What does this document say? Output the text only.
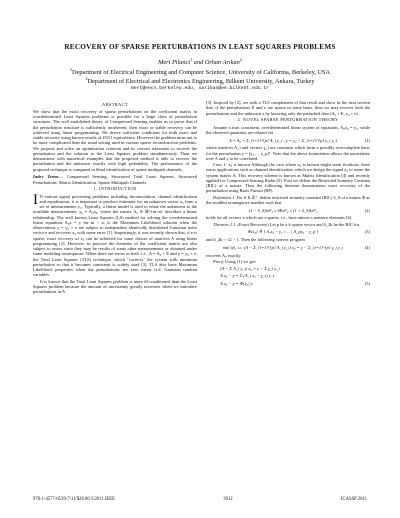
RECOVERY OF SPARSE PERTURBATIONS IN LEAST SQUARES PROBLEMS
Mert Pilanci$^1$ and Orhan Arıkan$^2$
$^1$Department of Electrical Engineering and Computer Science, University of California, Berkeley, USA
$^2$Department of Electrical and Electronics Engineering, Bilkent University, Ankara, Turkey
mert@eecs.berkeley.edu, oarikan@ee.bilkent.edu.tr
ABSTRACT

We show that the exact recovery of sparse perturbations on the coefficient matrix in overdetermined Least Squares problems is possible for a large class of perturbation structures. The well established theory of Compressed Sensing enables us to prove that if the perturbation structure is sufficiently incoherent, then exact or stable recovery can be achieved using linear programming. We derive sufficient conditions for both exact and stable recovery using known results of ℓ0/ℓ1 equivalence. However the problem turns out to be more complicated than the usual setting used in various sparse reconstruction problems. We propose and solve an optimization criterion and its convex relaxation to recover the perturbation and the solution to the Least Squares problem simultaneously. Then we demonstrate with numerical examples that the proposed method is able to recover the perturbation and the unknown exactly with high probability. The performance of the proposed technique is compared in blind identification of sparse multipath channels.

Index Terms— Compressed Sensing, Structured Total Least Squares, Structured Perturbations, Matrix Identification, Sparse Multipath Channels

1. INTRODUCTION

I N various signal processing problems including deconvolution, channel identification and equalization, it is important to produce estimates for an unknown vector x₀ from a set of measurements y₀. Typically, a linear model is used to relate the unknowns to the available measurements: y₀ = A₀x₀, where the matrix A₀ ∈ ℝ^{m×n} describes a linear relationship. The well known Least Squares (LS) method for solving the overdetermined linear equations A₀x = y for m > n, is the Maximum Likelihood solution when the observations y = y₀ + e are subject to independent identically distributed Gaussian noise vector e and recovers x₀ with some error [1]. Surprisingly, it was recently shown that, if e is sparse, exact recovery of x₀ can be achieved for some classes of matrices A using linear programming [2]. However, in practice the elements of the coefficient matrix are also subject to errors since they may be results of some other measurements or obtained under some modeling assumptions. When there are errors in both, i.e., A = A₀ + E and y = y₀ + e, the Total Least Squares (TLS) technique, which "corrects" the system with minimum perturbation so that it becomes consistent is widely used [3]. TLS also have Maximum Likelihood properties when the perturbations are zero mean i.i.d. Gaussian random variables.

It is known that the Total Least Squares problem is more ill-conditioned than the Least Squares problem because the amount of uncertainty greatly increases when we introduce perturbations in A

[3]. Inspired by [2], we seek a TLS complement of that result and show in the next section that, if the perturbations E and e are sparse in some basis, then we may recover both the perturbations and the unknown x by knowing only the perturbed data (A₀ + E, y₀ + e).

2. NOVEL SPARSE PERTURBATION THEORY

Assume a true, consistent, overdetermined linear system of equations, A₀x₀ = y₀, while the observed quantities are related via

A = A₀ + Σ_{i=1}^{p} A_i y_i , y = y₀ + Σ_{i=1}^{p} γ_i y_i	(1)

where matrices A_i and vectors γ_i are constants which form a possibly overcomplete basis for the perturbation y = [y₁ … y_p]ᵀ. Note that the above formulation allows the uncertainty over A and y to be correlated.

Case 1: x₀ is known Although the case where x₀ is known might seem fictitious, there exists applications such as channel identification, which we design the signal x₀ to sense the system matrix A. This recovery scheme is known as Matrix Identification [4] and recently applied for Compressed Sensing Radar [5]. First we define the Restricted Isometry Constant (RIC) of a matrix. Then the following theorem demonstrates exact recovery of the perturbation using Basis Pursuit (BP).

Definition 1. For S ∈ ℤ⁺, define restricted isometry constant (RIC) δ_S of a matrix Φ as the smallest nonnegative number such that

(1 − δ_S)‖x‖²₂ ≤ ‖Φx‖²₂ ≤ (1 + δ_S)‖x‖²₂	(2)

holds for all vectors x which are s-sparse, i.e., have atmost s nonzero elements [6].

Theorem 2.1. (Exact Recovery) Let p be a k sparse vector and δ_2k be the RIC for,

Φ(x₀) ≜ [ A₁x₀ − γ₁ | … | A_px₀ − γ_p ]	(3)

and δ_2k < √2 − 1. Then the following convex program

min ‖y‖₁ s.t. (A − Σ_{i=1}^{p} A_i y_i) x₀ = y − Σ_{i=1}^{p} γ_i y_i	(4)

recovers A₀ exactly.

Proof. Using (1) we get:

(A − Σ A_i y_i) x₀ = y − Σ γ_i y_i
A x₀ − y = Σ (A_i x₀ − γ_i) y_i
A x₀ − y = Φ(x₀) y	(5)
978-1-4577-0539-7/11/$26.00 ©2011 IEEE	3912	ICASSP 2011
